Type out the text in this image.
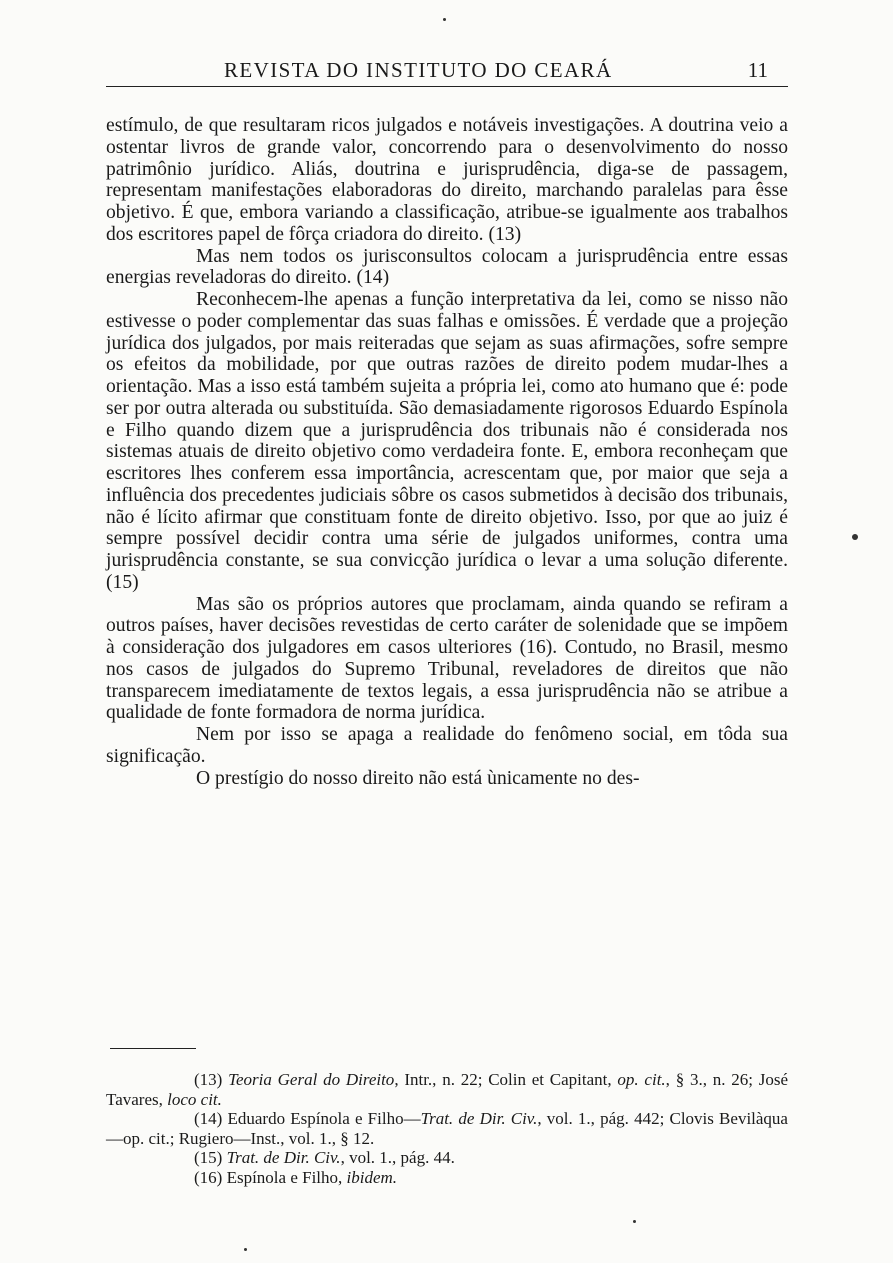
REVISTA DO INSTITUTO DO CEARÁ	11

estímulo, de que resultaram ricos julgados e notáveis investigações. A doutrina veio a ostentar livros de grande valor, concorrendo para o desenvolvimento do nosso patrimônio jurídico. Aliás, doutrina e jurisprudência, diga-se de passagem, representam manifestações elaboradoras do direito, marchando paralelas para êsse objetivo. É que, embora variando a classificação, atribue-se igualmente aos trabalhos dos escritores papel de fôrça criadora do direito. (13)

Mas nem todos os jurisconsultos colocam a jurisprudência entre essas energias reveladoras do direito. (14)

Reconhecem-lhe apenas a função interpretativa da lei, como se nisso não estivesse o poder complementar das suas falhas e omissões. É verdade que a projeção jurídica dos julgados, por mais reiteradas que sejam as suas afirmações, sofre sempre os efeitos da mobilidade, por que outras razões de direito podem mudar-lhes a orientação. Mas a isso está também sujeita a própria lei, como ato humano que é: pode ser por outra alterada ou substituída. São demasiadamente rigorosos Eduardo Espínola e Filho quando dizem que a jurisprudência dos tribunais não é considerada nos sistemas atuais de direito objetivo como verdadeira fonte. E, embora reconheçam que escritores lhes conferem essa importância, acrescentam que, por maior que seja a influência dos precedentes judiciais sôbre os casos submetidos à decisão dos tribunais, não é lícito afirmar que constituam fonte de direito objetivo. Isso, por que ao juiz é sempre possível decidir contra uma série de julgados uniformes, contra uma jurisprudência constante, se sua convicção jurídica o levar a uma solução diferente. (15)

Mas são os próprios autores que proclamam, ainda quando se refiram a outros países, haver decisões revestidas de certo caráter de solenidade que se impõem à consideração dos julgadores em casos ulteriores (16). Contudo, no Brasil, mesmo nos casos de julgados do Supremo Tribunal, reveladores de direitos que não transparecem imediatamente de textos legais, a essa jurisprudência não se atribue a qualidade de fonte formadora de norma jurídica.

Nem por isso se apaga a realidade do fenômeno social, em tôda sua significação.

O prestígio do nosso direito não está ùnicamente no des-

(13) Teoria Geral do Direito, Intr., n. 22; Colin et Capitant, op. cit., § 3., n. 26; José Tavares, loco cit.

(14) Eduardo Espínola e Filho—Trat. de Dir. Civ., vol. 1., pág. 442; Clovis Bevilàqua—op. cit.; Rugiero—Inst., vol. 1., § 12.

(15) Trat. de Dir. Civ., vol. 1., pág. 44.

(16) Espínola e Filho, ibidem.
